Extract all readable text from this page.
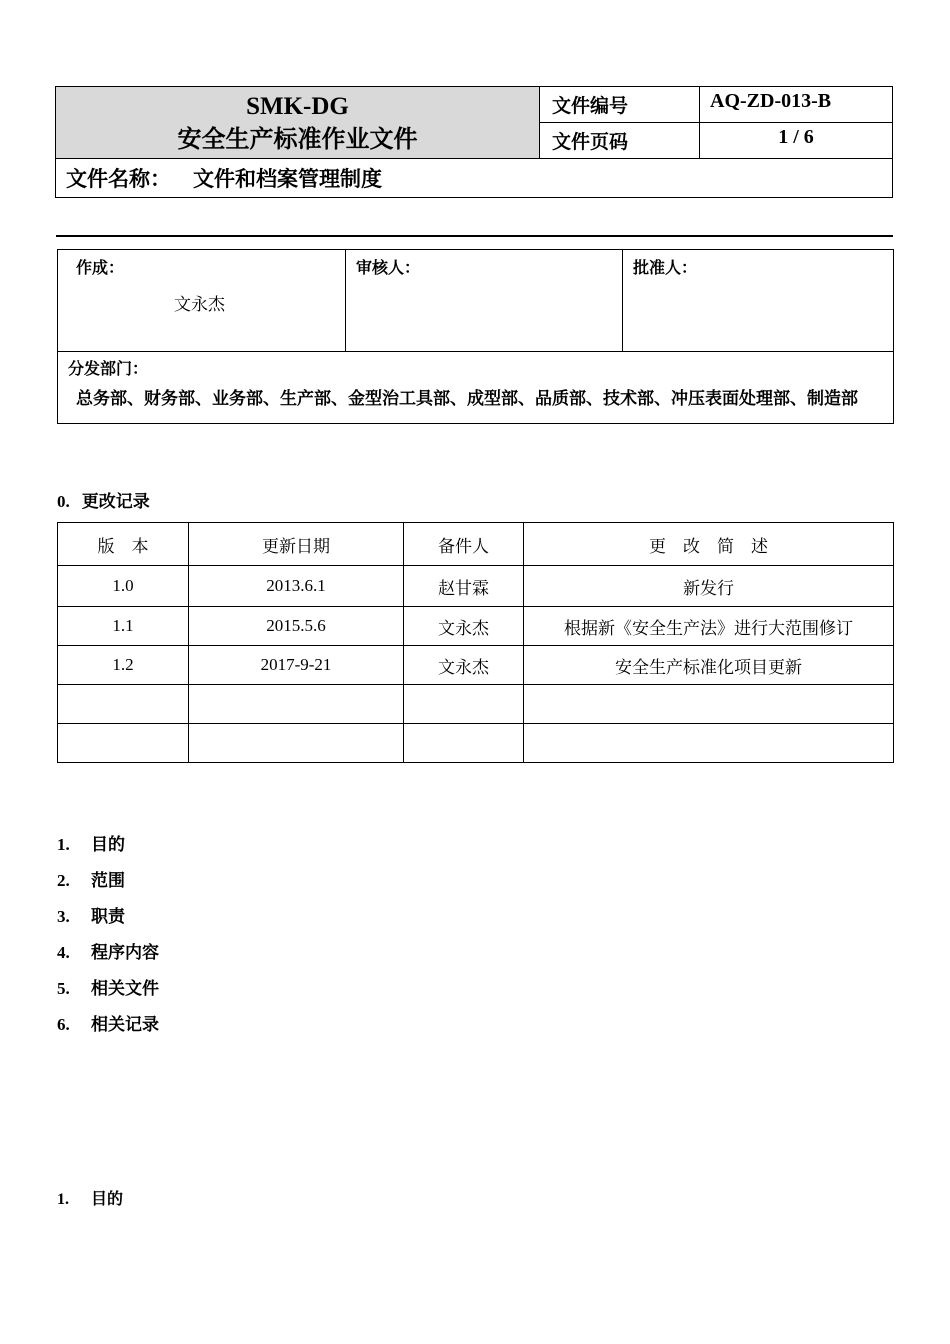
SMK-DG
安全生产标准作业文件	文件编号	AQ-ZD-013-B
	文件页码	1 / 6
文件名称： 文件和档案管理制度		
作成：
文永杰

审核人：	批准人：

分发部门：
总务部、财务部、业务部、生产部、金型治工具部、成型部、品质部、技术部、冲压表面处理部、制造部
0. 更改记录
版　本	更新日期	备件人	更　改　简　述
1.0	2013.6.1	赵甘霖	新发行
1.1	2015.5.6	文永杰	根据新《安全生产法》进行大范围修订
1.2	2017-9-21	文永杰	安全生产标准化项目更新

1. 目的
2. 范围
3. 职责
4. 程序内容
5. 相关文件
6. 相关记录
1. 目的
